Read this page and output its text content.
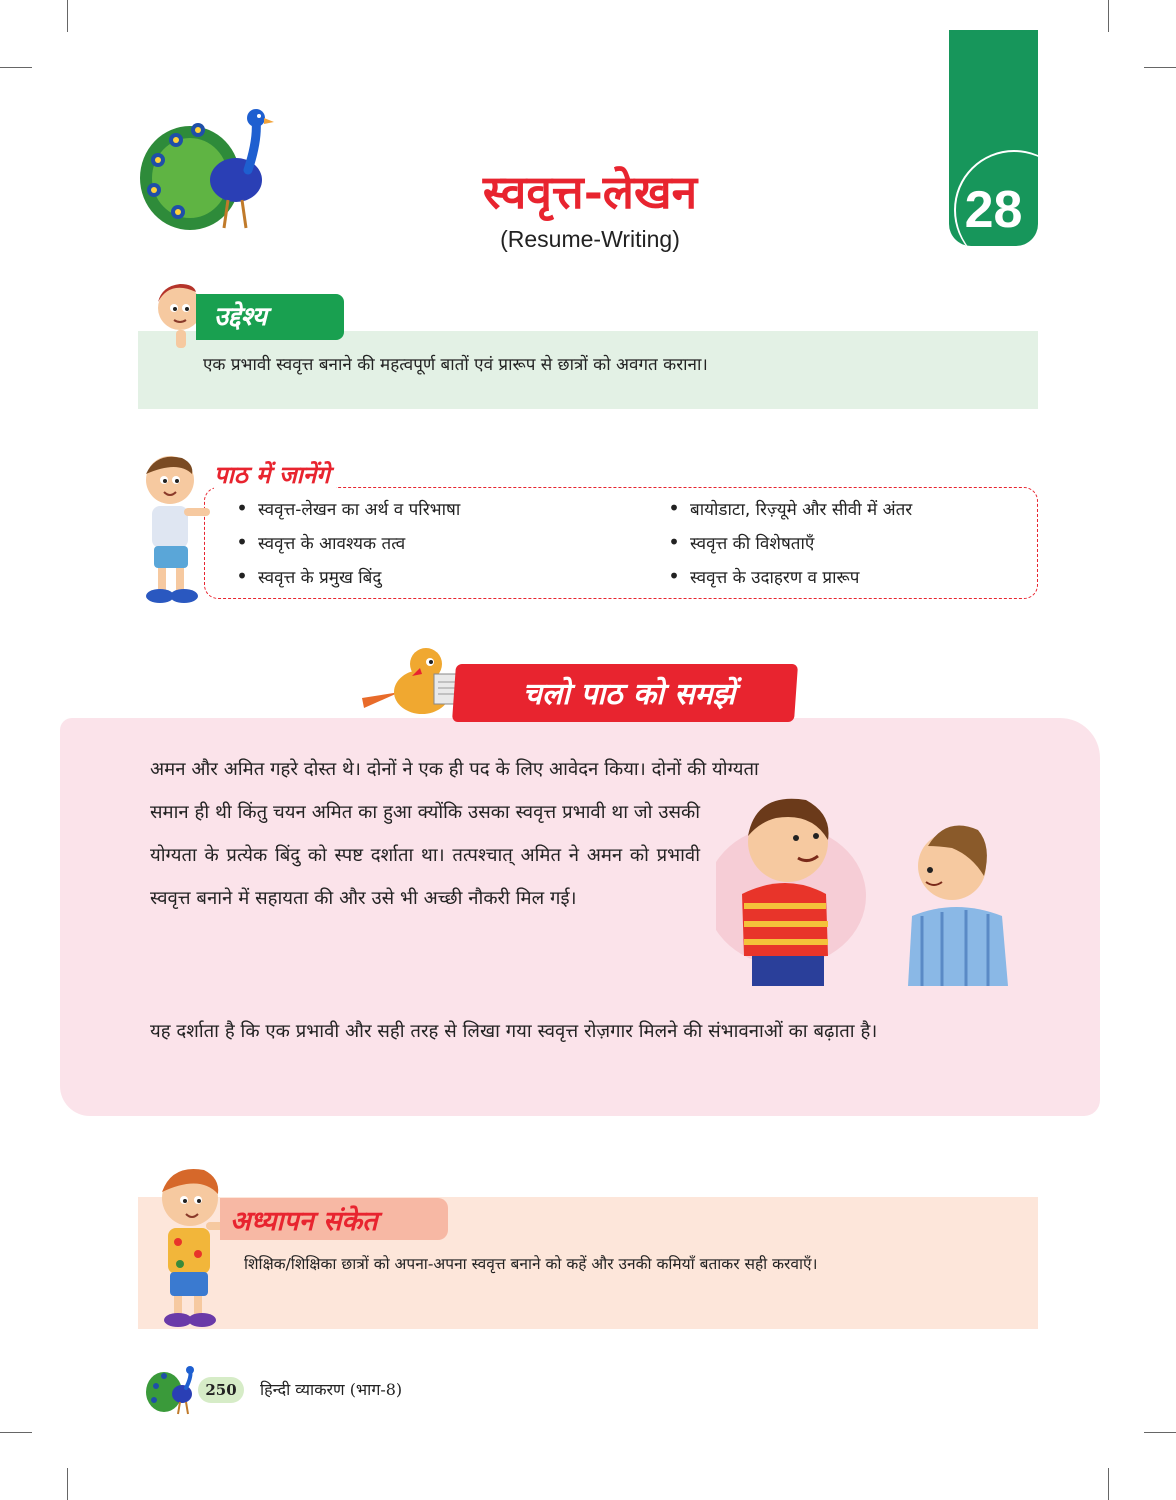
28
स्ववृत्त-लेखन
(Resume-Writing)
उद्देश्य
एक प्रभावी स्ववृत्त बनाने की महत्वपूर्ण बातों एवं प्रारूप से छात्रों को अवगत कराना।
पाठ में जानेंगे
• स्ववृत्त-लेखन का अर्थ व परिभाषा
• स्ववृत्त के आवश्यक तत्व
• स्ववृत्त के प्रमुख बिंदु
• बायोडाटा, रिज़्यूमे और सीवी में अंतर
• स्ववृत्त की विशेषताएँ
• स्ववृत्त के उदाहरण व प्रारूप
चलो पाठ को समझें
अमन और अमित गहरे दोस्त थे। दोनों ने एक ही पद के लिए आवेदन किया। दोनों की योग्यता
समान ही थी किंतु चयन अमित का हुआ क्योंकि उसका स्ववृत्त प्रभावी था जो उसकी योग्यता के प्रत्येक बिंदु को स्पष्ट दर्शाता था। तत्पश्चात् अमित ने अमन को प्रभावी स्ववृत्त बनाने में सहायता की और उसे भी अच्छी नौकरी मिल गई।
यह दर्शाता है कि एक प्रभावी और सही तरह से लिखा गया स्ववृत्त रोज़गार मिलने की संभावनाओं का बढ़ाता है।
अध्यापन संकेत
शिक्षिक/शिक्षिका छात्रों को अपना-अपना स्ववृत्त बनाने को कहें और उनकी कमियाँ बताकर सही करवाएँ।
250	हिन्दी व्याकरण (भाग-8)
